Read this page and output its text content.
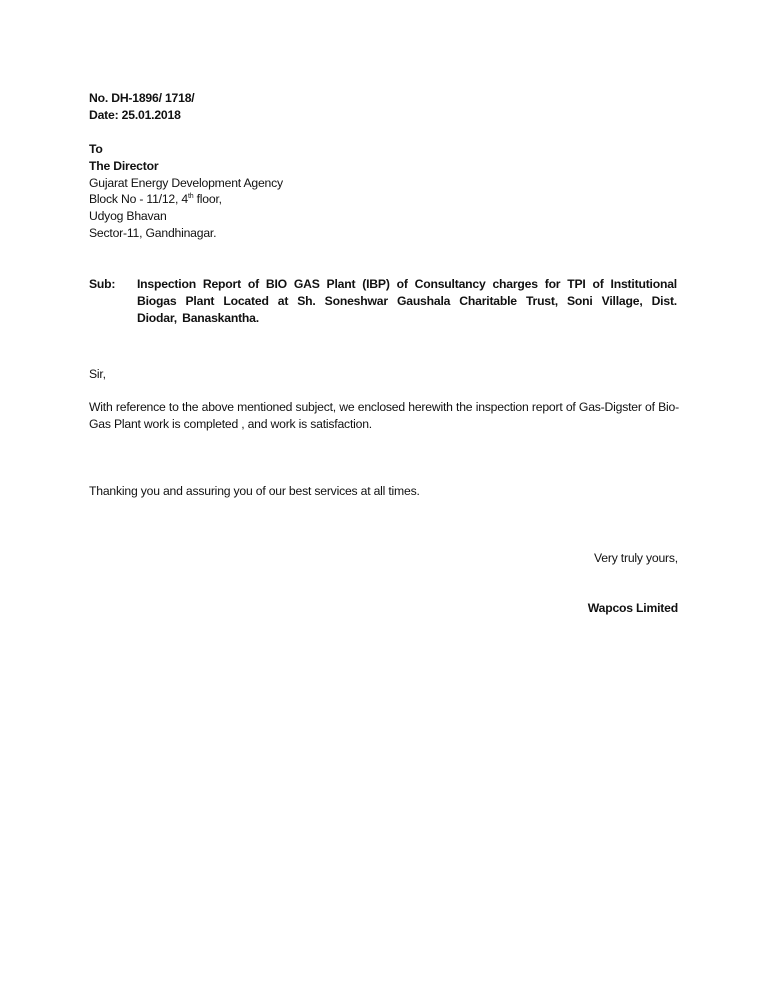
No. DH-1896/ 1718/
Date: 25.01.2018
To
The Director
Gujarat Energy Development Agency
Block No - 11/12, 4th floor,
Udyog Bhavan
Sector-11, Gandhinagar.
Sub: Inspection Report of BIO GAS Plant (IBP) of Consultancy charges for TPI of Institutional Biogas Plant Located at Sh. Soneshwar Gaushala Charitable Trust, Soni Village, Dist. Diodar, Banaskantha.
Sir,
With reference to the above mentioned subject, we enclosed herewith the inspection report of Gas-Digster of Bio-Gas Plant work is completed , and work is satisfaction.
Thanking you and assuring you of our best services at all times.
Very truly yours,
Wapcos Limited
